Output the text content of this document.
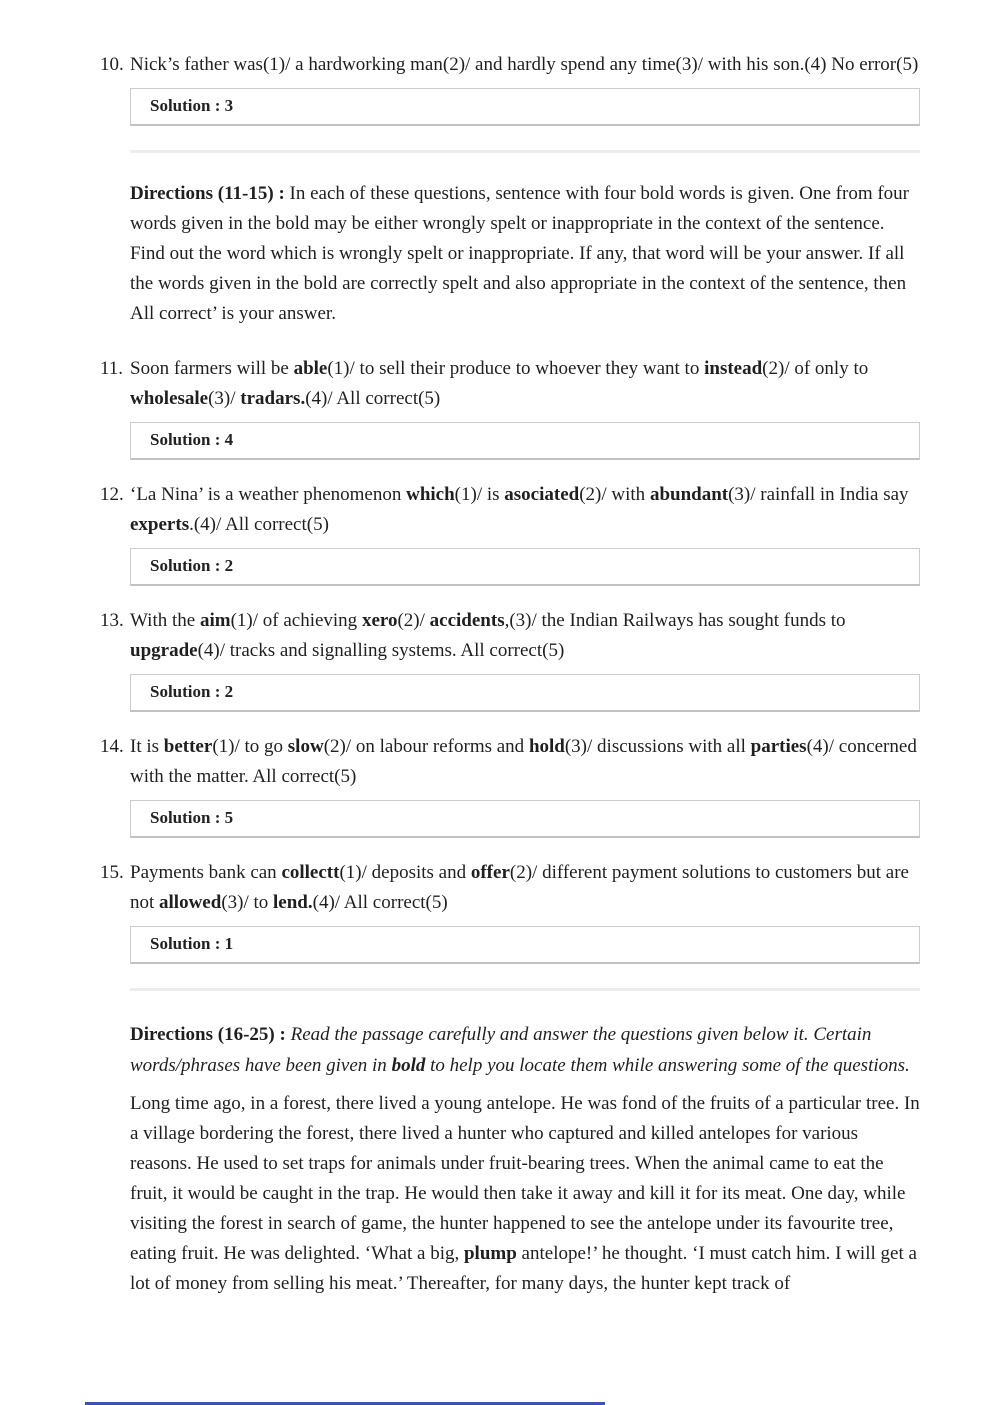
10. Nick’s father was(1)/ a hardworking man(2)/ and hardly spend any time(3)/ with his son.(4) No error(5)
Solution : 3

Directions (11-15) : In each of these questions, sentence with four bold words is given. One from four words given in the bold may be either wrongly spelt or inappropriate in the context of the sentence. Find out the word which is wrongly spelt or inappropriate. If any, that word will be your answer. If all the words given in the bold are correctly spelt and also appropriate in the context of the sentence, then All correct’ is your answer.

11. Soon farmers will be able(1)/ to sell their produce to whoever they want to instead(2)/ of only to wholesale(3)/ tradars.(4)/ All correct(5)
Solution : 4
12. ‘La Nina’ is a weather phenomenon which(1)/ is asociated(2)/ with abundant(3)/ rainfall in India say experts.(4)/ All correct(5)
Solution : 2
13. With the aim(1)/ of achieving xero(2)/ accidents,(3)/ the Indian Railways has sought funds to upgrade(4)/ tracks and signalling systems. All correct(5)
Solution : 2
14. It is better(1)/ to go slow(2)/ on labour reforms and hold(3)/ discussions with all parties(4)/ concerned with the matter. All correct(5)
Solution : 5
15. Payments bank can collectt(1)/ deposits and offer(2)/ different payment solutions to customers but are not allowed(3)/ to lend.(4)/ All correct(5)
Solution : 1

Directions (16-25) : Read the passage carefully and answer the questions given below it. Certain words/phrases have been given in bold to help you locate them while answering some of the questions.

Long time ago, in a forest, there lived a young antelope. He was fond of the fruits of a particular tree. In a village bordering the forest, there lived a hunter who captured and killed antelopes for various reasons. He used to set traps for animals under fruit-bearing trees. When the animal came to eat the fruit, it would be caught in the trap. He would then take it away and kill it for its meat. One day, while visiting the forest in search of game, the hunter happened to see the antelope under its favourite tree, eating fruit. He was delighted. ‘What a big, plump antelope!’ he thought. ‘I must catch him. I will get a lot of money from selling his meat.’ Thereafter, for many days, the hunter kept track of
